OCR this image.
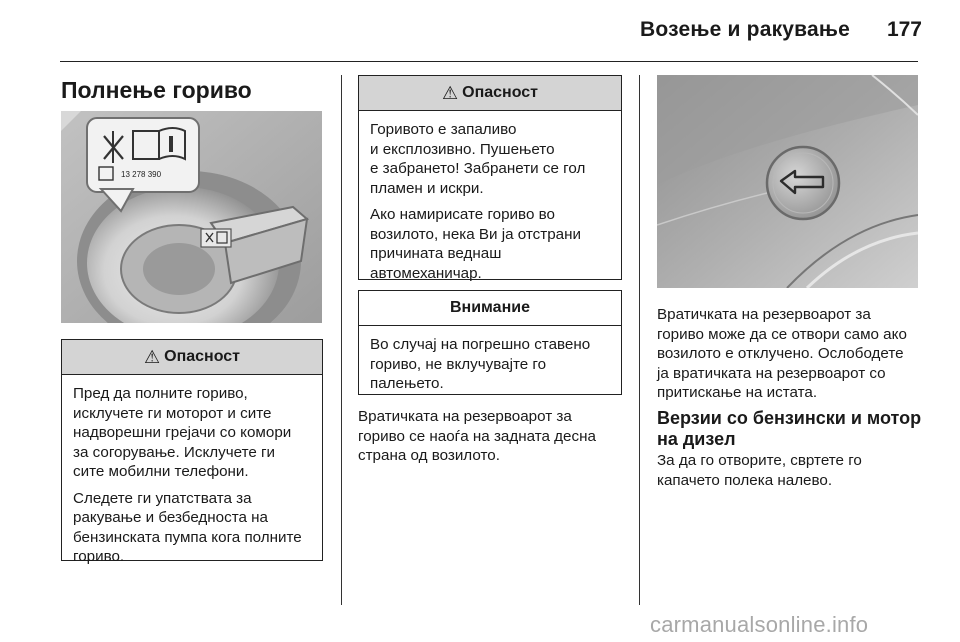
Возење и ракување	177
Полнење гориво
13 278 390
⚠ Опасност

Пред да полните гориво,
исклучете ги моторот и сите
надворешни грејачи со комори
за согорување. Исклучете ги
сите мобилни телефони.

Следете ги упатствата за
ракување и безбедноста на
бензинската пумпа кога полните
гориво.

⚠ Опасност

Горивото е запаливо
и експлозивно. Пушењето
е забрането! Забранети се гол
пламен и искри.

Ако намирисате гориво во
возилото, нека Ви ја отстрани
причината веднаш
автомеханичар.

Внимание

Во случај на погрешно ставено
гориво, не вклучувајте го
палењето.

Вратичката на резервоарот за
гориво се наоѓа на задната десна
страна од возилото.

Вратичката на резервоарот за
гориво може да се отвори само ако
возилото е отклучено. Ослободете
ја вратичката на резервоарот со
притискање на истата.

Верзии со бензински и мотор
на дизел

За да го отворите, свртете го
капачето полека налево.

carmanualsonline.info
